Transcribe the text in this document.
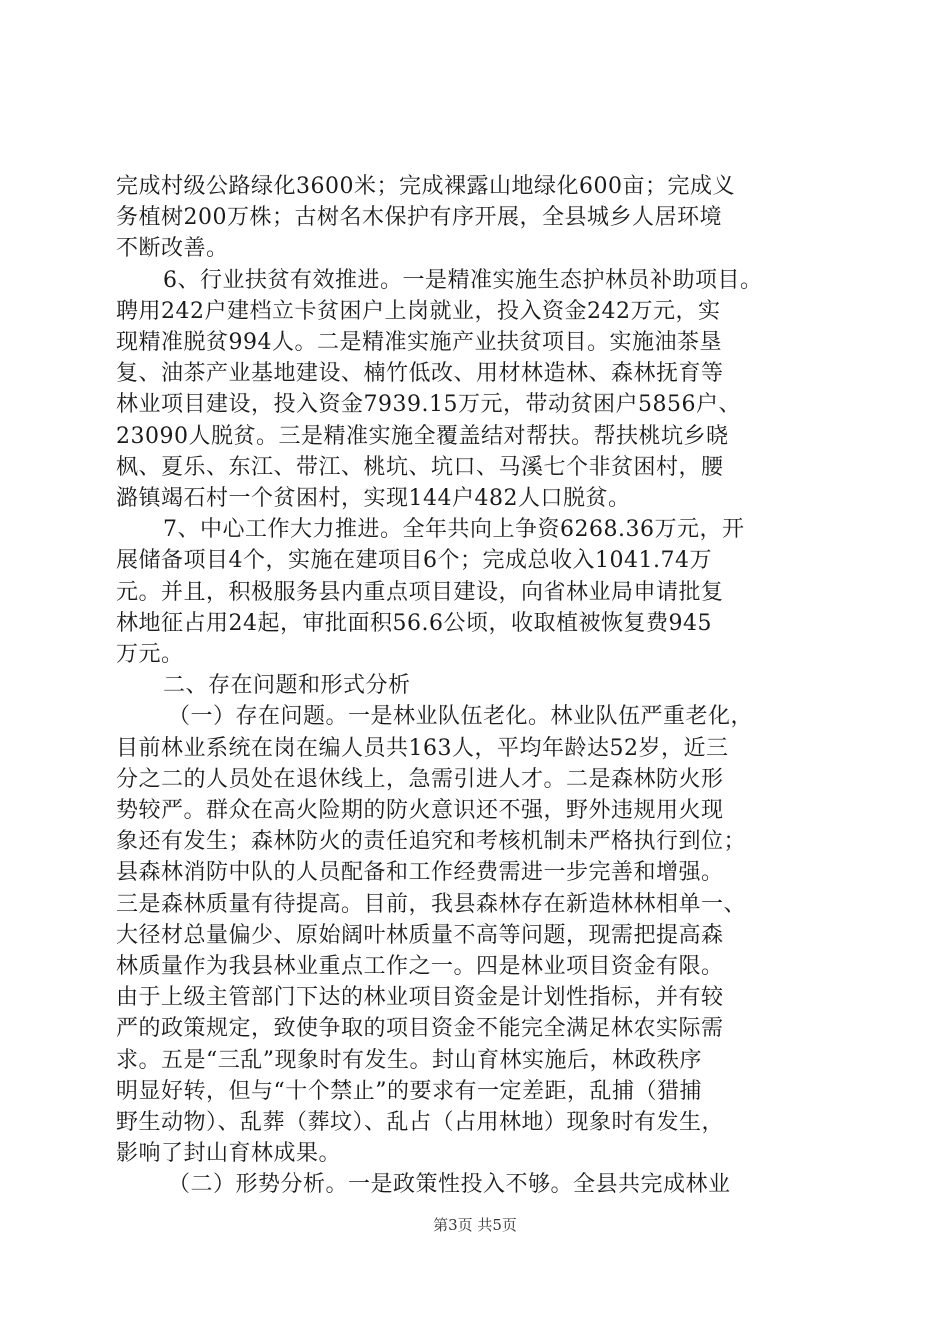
完成村级公路绿化3600米；完成裸露山地绿化600亩；完成义
务植树200万株；古树名木保护有序开展，全县城乡人居环境
不断改善。
6、行业扶贫有效推进。一是精准实施生态护林员补助项目。
聘用242户建档立卡贫困户上岗就业，投入资金242万元，实
现精准脱贫994人。二是精准实施产业扶贫项目。实施油茶垦
复、油茶产业基地建设、楠竹低改、用材林造林、森林抚育等
林业项目建设，投入资金7939.15万元，带动贫困户5856户、
23090人脱贫。三是精准实施全覆盖结对帮扶。帮扶桃坑乡晓
枫、夏乐、东江、带江、桃坑、坑口、马溪七个非贫困村，腰
潞镇竭石村一个贫困村，实现144户482人口脱贫。
7、中心工作大力推进。全年共向上争资6268.36万元，开
展储备项目4个，实施在建项目6个；完成总收入1041.74万
元。并且，积极服务县内重点项目建设，向省林业局申请批复
林地征占用24起，审批面积56.6公顷，收取植被恢复费945
万元。
二、存在问题和形式分析
（一）存在问题。一是林业队伍老化。林业队伍严重老化，
目前林业系统在岗在编人员共163人，平均年龄达52岁，近三
分之二的人员处在退休线上，急需引进人才。二是森林防火形
势较严。群众在高火险期的防火意识还不强，野外违规用火现
象还有发生；森林防火的责任追究和考核机制未严格执行到位；
县森林消防中队的人员配备和工作经费需进一步完善和增强。
三是森林质量有待提高。目前，我县森林存在新造林林相单一、
大径材总量偏少、原始阔叶林质量不高等问题，现需把提高森
林质量作为我县林业重点工作之一。四是林业项目资金有限。
由于上级主管部门下达的林业项目资金是计划性指标，并有较
严的政策规定，致使争取的项目资金不能完全满足林农实际需
求。五是“三乱”现象时有发生。封山育林实施后，林政秩序
明显好转，但与“十个禁止”的要求有一定差距，乱捕（猎捕
野生动物）、乱葬（葬坟）、乱占（占用林地）现象时有发生，
影响了封山育林成果。
第3页 共5页
（二）形势分析。一是政策性投入不够。全县共完成林业
